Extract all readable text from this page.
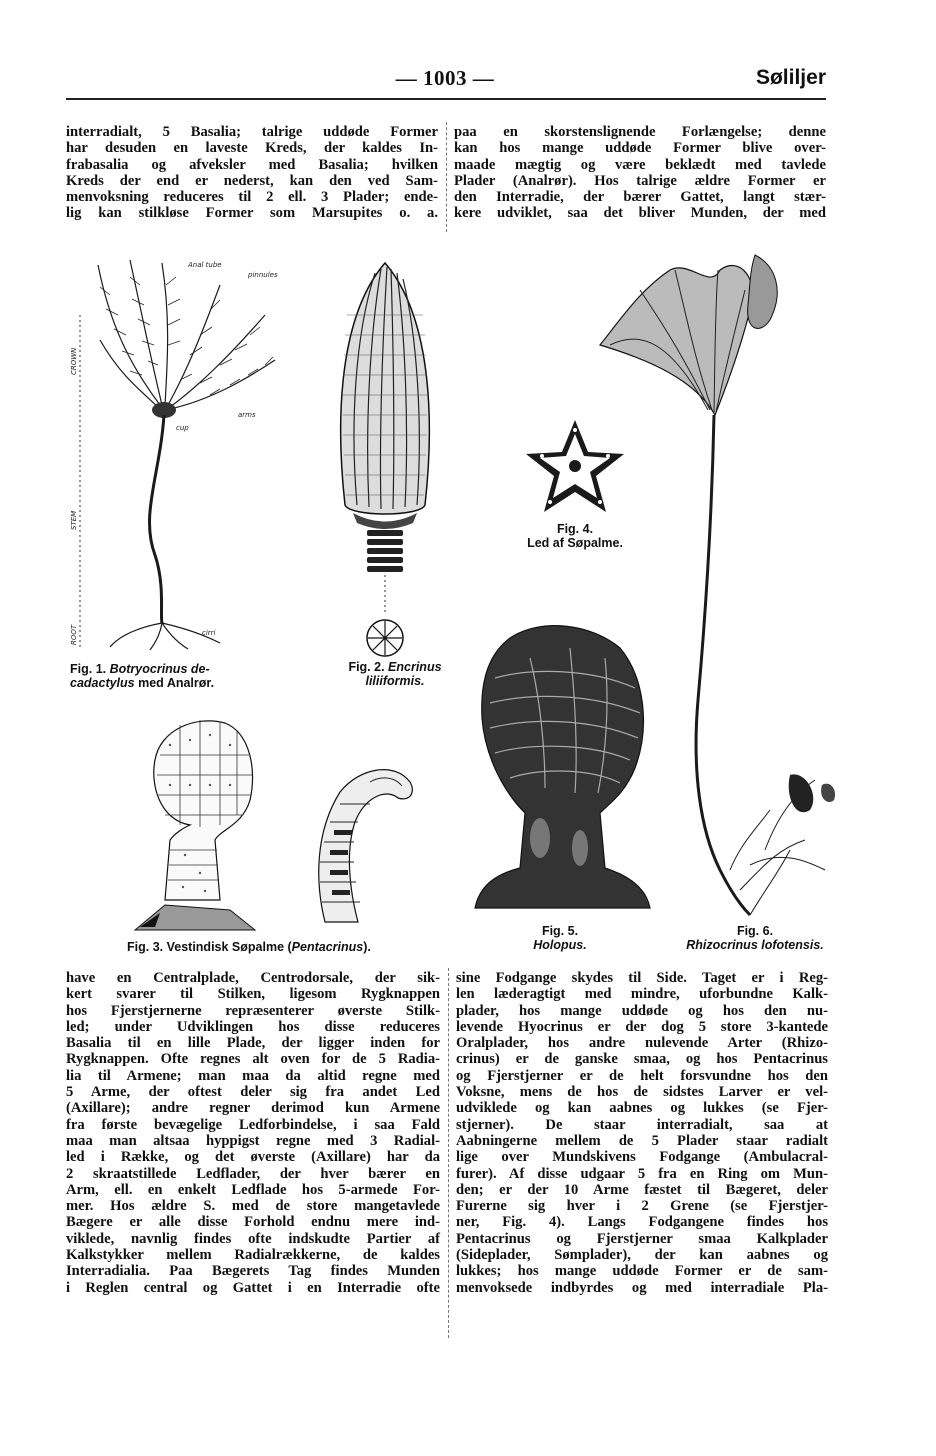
— 1003 —	Søliljer

interradialt, 5 Basalia; talrige uddøde Former

har desuden en laveste Kreds, der kaldes In-

frabasalia og afveksler med Basalia; hvilken

Kreds der end er nederst, kan den ved Sam-

menvoksning reduceres til 2 ell. 3 Plader; ende-

lig kan stilkløse Former som Marsupites o. a.

paa en skorstenslignende Forlængelse; denne

kan hos mange uddøde Former blive over-

maade mægtig og være beklædt med tavlede

Plader (Analrør). Hos talrige ældre Former er

den Interradie, der bærer Gattet, langt stær-

kere udviklet, saa det bliver Munden, der med

CROWN
STEM
ROOT
Anal tube
pinnules
cup
arms
cirri
Fig. 1. Botryocrinus de-
cadactylus med Analrør.
Fig. 2. Encrinus
liliiformis.
Fig. 4.
Led af Søpalme.
Fig. 6.
Rhizocrinus lofotensis.
Fig. 5.
Holopus.
Fig. 3. Vestindisk Søpalme (Pentacrinus).

have en Centralplade, Centrodorsale, der sik-

kert svarer til Stilken, ligesom Rygknappen

hos Fjerstjernerne repræsenterer øverste Stilk-

led; under Udviklingen hos disse reduceres

Basalia til en lille Plade, der ligger inden for

Rygknappen. Ofte regnes alt oven for de 5 Radia-

lia til Armene; man maa da altid regne med

5 Arme, der oftest deler sig fra andet Led

(Axillare); andre regner derimod kun Armene

fra første bevægelige Ledforbindelse, i saa Fald

maa man altsaa hyppigst regne med 3 Radial-

led i Række, og det øverste (Axillare) har da

2 skraatstillede Ledflader, der hver bærer en

Arm, ell. en enkelt Ledflade hos 5-armede For-

mer. Hos ældre S. med de store mangetavlede

Bægere er alle disse Forhold endnu mere ind-

viklede, navnlig findes ofte indskudte Partier af

Kalkstykker mellem Radialrækkerne, de kaldes

Interradialia. Paa Bægerets Tag findes Munden

i Reglen central og Gattet i en Interradie ofte

sine Fodgange skydes til Side. Taget er i Reg-

len læderagtigt med mindre, uforbundne Kalk-

plader, hos mange uddøde og hos den nu-

levende Hyocrinus er der dog 5 store 3-kantede

Oralplader, hos andre nulevende Arter (Rhizo-

crinus) er de ganske smaa, og hos Pentacrinus

og Fjerstjerner er de helt forsvundne hos den

Voksne, mens de hos de sidstes Larver er vel-

udviklede og kan aabnes og lukkes (se Fjer-

stjerner). De staar interradialt, saa at

Aabningerne mellem de 5 Plader staar radialt

lige over Mundskivens Fodgange (Ambulacral-

furer). Af disse udgaar 5 fra en Ring om Mun-

den; er der 10 Arme fæstet til Bægeret, deler

Furerne sig hver i 2 Grene (se Fjerstjer-

ner, Fig. 4). Langs Fodgangene findes hos

Pentacrinus og Fjerstjerner smaa Kalkplader

(Sideplader, Sømplader), der kan aabnes og

lukkes; hos mange uddøde Former er de sam-

menvoksede indbyrdes og med interradiale Pla-
